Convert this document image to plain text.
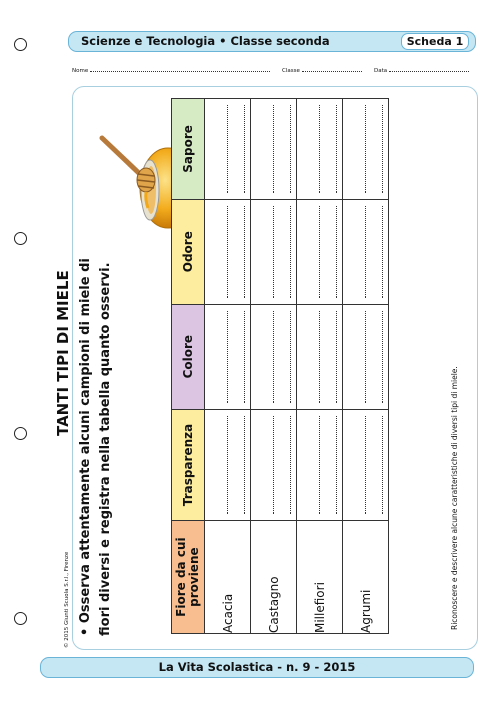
Scienze e Tecnologia • Classe seconda	Scheda 1
Nome	Classe	Data
© 2015 Giunti Scuola S.r.l., Firenze
TANTI TIPI DI MIELE • Osserva attentamente alcuni campioni di miele di fiori diversi e registra nella tabella quanto osservi.	Fiore da cui proviene	Trasparenza	Colore	Odore	Sapore
Acacia	

Castagno	

Millefiori	

Agrumi	

		Riconoscere e descrivere alcune caratteristiche di diversi tipi di miele.
La Vita Scolastica - n. 9 - 2015
